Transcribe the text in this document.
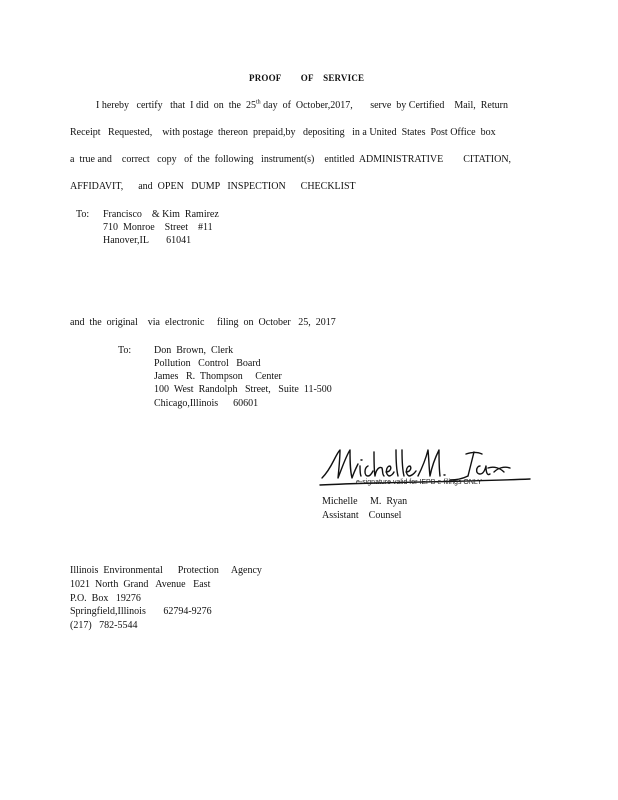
PROOF        OF    SERVICE
I hereby   certify   that  I did  on  the  25th day  of  October,2017,       serve  by Certified    Mail,  Return
Receipt   Requested,    with postage  thereon  prepaid,by   depositing   in a United  States  Post Office  box
a  true and    correct   copy   of  the  following   instrument(s)    entitled  ADMINISTRATIVE        CITATION,
AFFIDAVIT,      and  OPEN   DUMP   INSPECTION      CHECKLIST
To: Francisco    & Kim  Ramirez
710  Monroe    Street    #11
Hanover,IL       61041
and  the  original    via  electronic     filing  on  October   25,  2017
To: Don  Brown,  Clerk
Pollution   Control   Board
James   R.  Thompson     Center
100  West  Randolph   Street,   Suite  11-500
Chicago,Illinois      60601
e-signature valid for IEPB e-filings ONLY
Michelle     M.  Ryan
Assistant    Counsel
Illinois  Environmental      Protection     Agency
1021  North  Grand   Avenue   East
P.O.  Box   19276
Springfield,Illinois       62794-9276
(217)   782-5544
